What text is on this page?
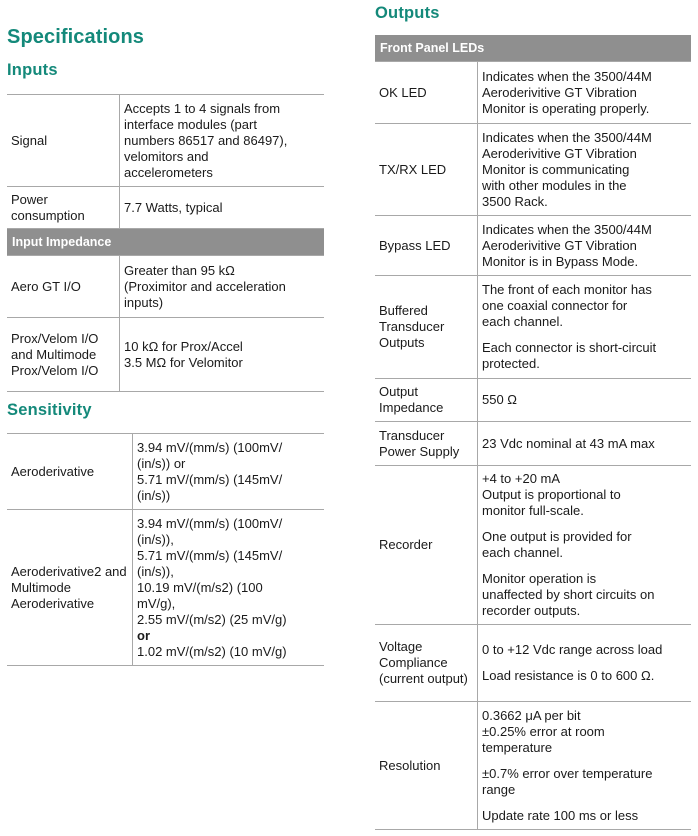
Specifications
Inputs
Signal
Accepts 1 to 4 signals from
interface modules (part
numbers 86517 and 86497),
velomitors and
accelerometers
Power consumption
7.7 Watts, typical
Input Impedance
Aero GT I/O
Greater than 95 kΩ
(Proximitor and acceleration
inputs)
Prox/Velom I/O and Multimode Prox/Velom I/O
10 kΩ for Prox/Accel
3.5 MΩ for Velomitor
Sensitivity
Aeroderivative
3.94 mV/(mm/s) (100mV/
(in/s)) or
5.71 mV/(mm/s) (145mV/
(in/s))
Aeroderivative2 and Multimode Aeroderivative
3.94 mV/(mm/s) (100mV/
(in/s)),
5.71 mV/(mm/s) (145mV/
(in/s)),
10.19 mV/(m/s2) (100
mV/g),
2.55 mV/(m/s2) (25 mV/g)
or
1.02 mV/(m/s2) (10 mV/g)
Outputs
Front Panel LEDs
OK LED
Indicates when the 3500/44M
Aeroderivitive GT Vibration
Monitor is operating properly.
TX/RX LED
Indicates when the 3500/44M
Aeroderivitive GT Vibration
Monitor is communicating
with other modules in the
3500 Rack.
Bypass LED
Indicates when the 3500/44M
Aeroderivitive GT Vibration
Monitor is in Bypass Mode.
Buffered Transducer Outputs
The front of each monitor has
one coaxial connector for
each channel.
Each connector is short-circuit
protected.
Output Impedance
550 Ω
Transducer Power Supply
23 Vdc nominal at 43 mA max
Recorder
+4 to +20 mA
Output is proportional to
monitor full-scale.
One output is provided for
each channel.
Monitor operation is
unaffected by short circuits on
recorder outputs.
Voltage Compliance (current output)
0 to +12 Vdc range across load
Load resistance is 0 to 600 Ω.
Resolution
0.3662 μA per bit
±0.25% error at room
temperature
±0.7% error over temperature
range
Update rate 100 ms or less
